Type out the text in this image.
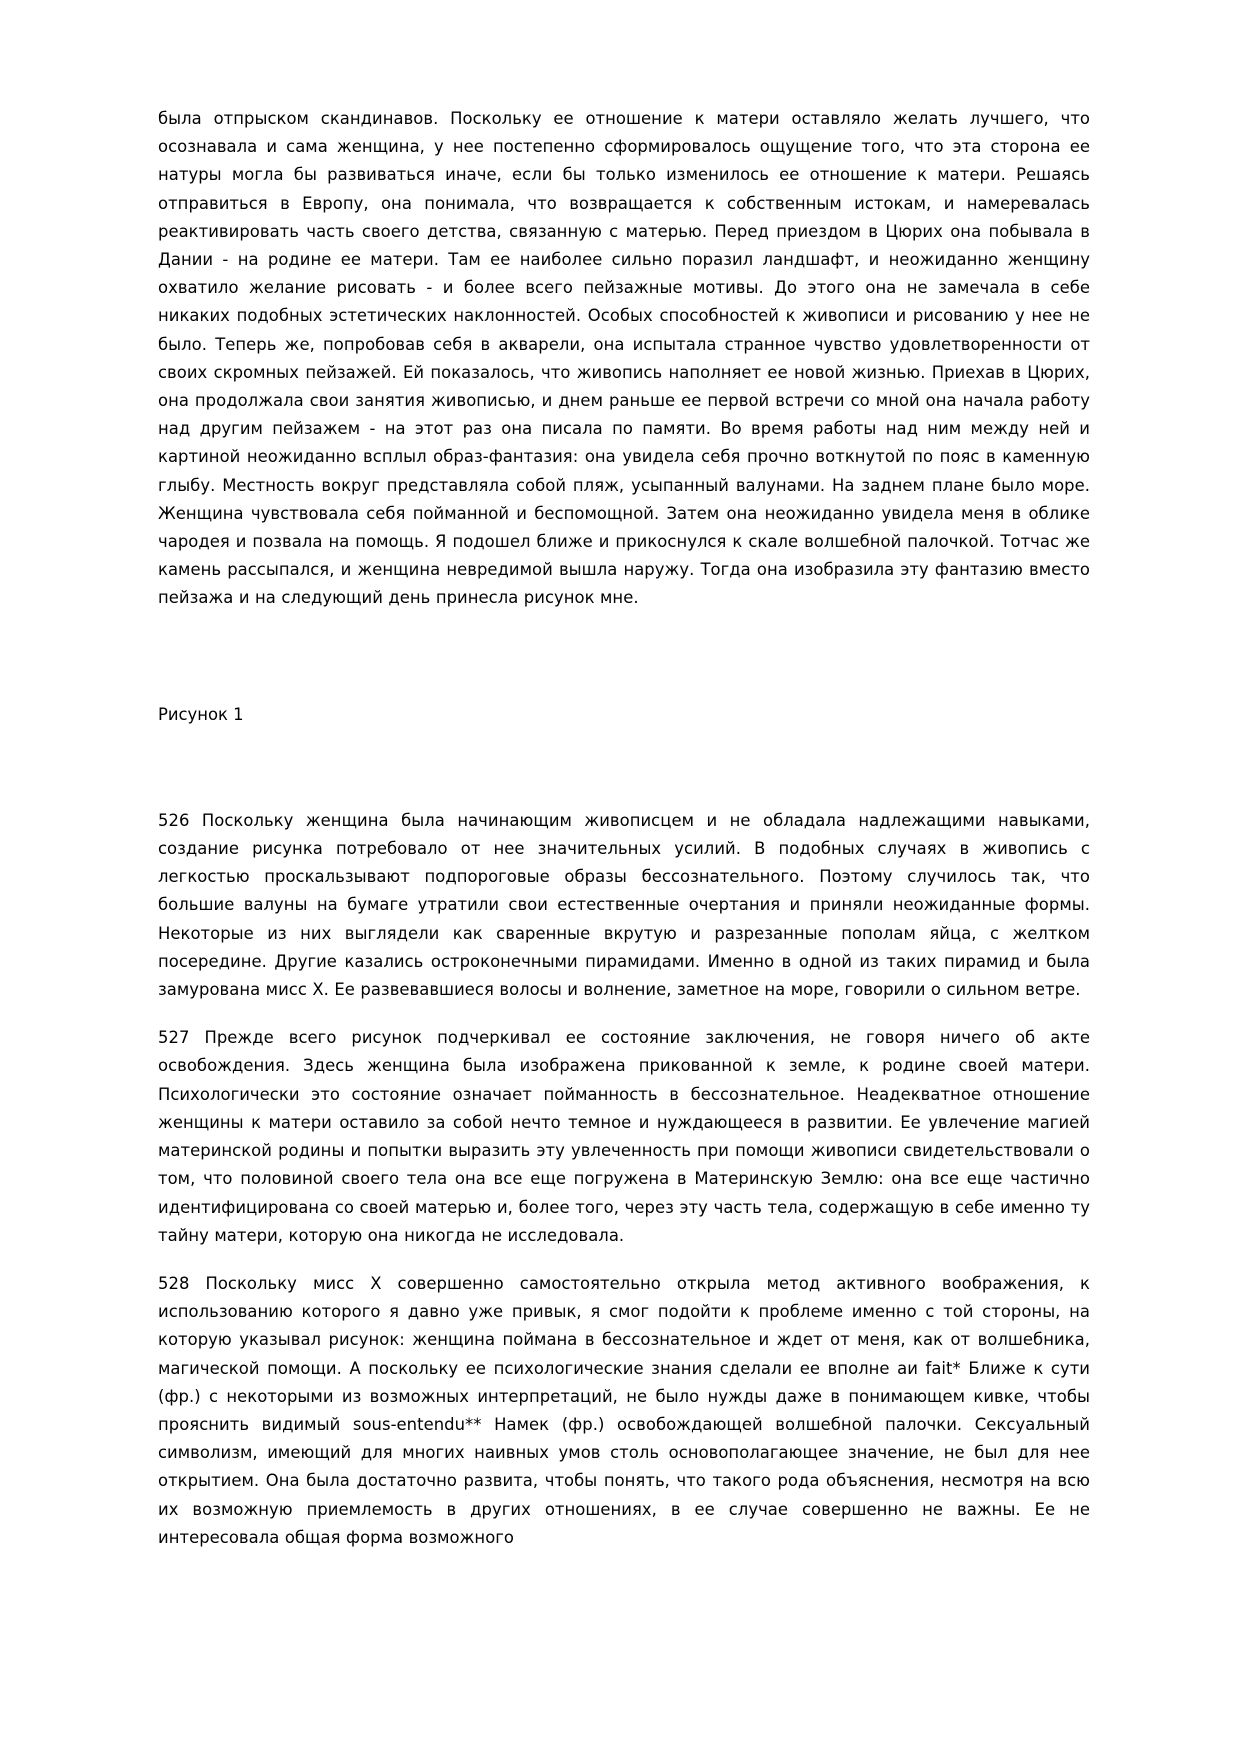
была отпрыском скандинавов. Поскольку ее отношение к матери оставляло желать лучшего, что осознавала и сама женщина, у нее постепенно сформировалось ощущение того, что эта сторона ее натуры могла бы развиваться иначе, если бы только изменилось ее отношение к матери. Решаясь отправиться в Европу, она понимала, что возвращается к собственным истокам, и намеревалась реактивировать часть своего детства, связанную с матерью. Перед приездом в Цюрих она побывала в Дании - на родине ее матери. Там ее наиболее сильно поразил ландшафт, и неожиданно женщину охватило желание рисовать - и более всего пейзажные мотивы. До этого она не замечала в себе никаких подобных эстетических наклонностей. Особых способностей к живописи и рисованию у нее не было. Теперь же, попробовав себя в акварели, она испытала странное чувство удовлетворенности от своих скромных пейзажей. Ей показалось, что живопись наполняет ее новой жизнью. Приехав в Цюрих, она продолжала свои занятия живописью, и днем раньше ее первой встречи со мной она начала работу над другим пейзажем - на этот раз она писала по памяти. Во время работы над ним между ней и картиной неожиданно всплыл образ-фантазия: она увидела себя прочно воткнутой по пояс в каменную глыбу. Местность вокруг представляла собой пляж, усыпанный валунами. На заднем плане было море. Женщина чувствовала себя пойманной и беспомощной. Затем она неожиданно увидела меня в облике чародея и позвала на помощь. Я подошел ближе и прикоснулся к скале волшебной палочкой. Тотчас же камень рассыпался, и женщина невредимой вышла наружу. Тогда она изобразила эту фантазию вместо пейзажа и на следующий день принесла рисунок мне.

Рисунок 1

526 Поскольку женщина была начинающим живописцем и не обладала надлежащими навыками, создание рисунка потребовало от нее значительных усилий. В подобных случаях в живопись с легкостью проскальзывают подпороговые образы бессознательного. Поэтому случилось так, что большие валуны на бумаге утратили свои естественные очертания и приняли неожиданные формы. Некоторые из них выглядели как сваренные вкрутую и разрезанные пополам яйца, с желтком посередине. Другие казались остроконечными пирамидами. Именно в одной из таких пирамид и была замурована мисс Х. Ее развевавшиеся волосы и волнение, заметное на море, говорили о сильном ветре.

527 Прежде всего рисунок подчеркивал ее состояние заключения, не говоря ничего об акте освобождения. Здесь женщина была изображена прикованной к земле, к родине своей матери. Психологически это состояние означает пойманность в бессознательное. Неадекватное отношение женщины к матери оставило за собой нечто темное и нуждающееся в развитии. Ее увлечение магией материнской родины и попытки выразить эту увлеченность при помощи живописи свидетельствовали о том, что половиной своего тела она все еще погружена в Материнскую Землю: она все еще частично идентифицирована со своей матерью и, более того, через эту часть тела, содержащую в себе именно ту тайну матери, которую она никогда не исследовала.

528 Поскольку мисс Х совершенно самостоятельно открыла метод активного воображения, к использованию которого я давно уже привык, я смог подойти к проблеме именно с той стороны, на которую указывал рисунок: женщина поймана в бессознательное и ждет от меня, как от волшебника, магической помощи. А поскольку ее психологические знания сделали ее вполне аи fait* Ближе к сути (фр.) с некоторыми из возможных интерпретаций, не было нужды даже в понимающем кивке, чтобы прояснить видимый sous-entendu** Намек (фр.) освобождающей волшебной палочки. Сексуальный символизм, имеющий для многих наивных умов столь основополагающее значение, не был для нее открытием. Она была достаточно развита, чтобы понять, что такого рода объяснения, несмотря на всю их возможную приемлемость в других отношениях, в ее случае совершенно не важны. Ее не интересовала общая форма возможного
